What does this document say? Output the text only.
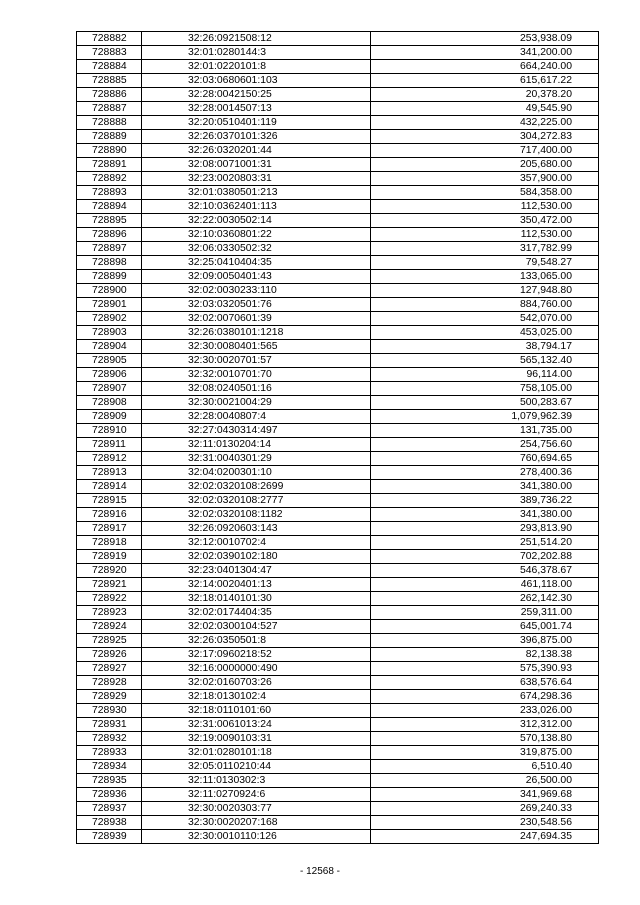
728882	32:26:0921508:12	253,938.09
728883	32:01:0280144:3	341,200.00
728884	32:01:0220101:8	664,240.00
728885	32:03:0680601:103	615,617.22
728886	32:28:0042150:25	20,378.20
728887	32:28:0014507:13	49,545.90
728888	32:20:0510401:119	432,225.00
728889	32:26:0370101:326	304,272.83
728890	32:26:0320201:44	717,400.00
728891	32:08:0071001:31	205,680.00
728892	32:23:0020803:31	357,900.00
728893	32:01:0380501:213	584,358.00
728894	32:10:0362401:113	112,530.00
728895	32:22:0030502:14	350,472.00
728896	32:10:0360801:22	112,530.00
728897	32:06:0330502:32	317,782.99
728898	32:25:0410404:35	79,548.27
728899	32:09:0050401:43	133,065.00
728900	32:02:0030233:110	127,948.80
728901	32:03:0320501:76	884,760.00
728902	32:02:0070601:39	542,070.00
728903	32:26:0380101:1218	453,025.00
728904	32:30:0080401:565	38,794.17
728905	32:30:0020701:57	565,132.40
728906	32:32:0010701:70	96,114.00
728907	32:08:0240501:16	758,105.00
728908	32:30:0021004:29	500,283.67
728909	32:28:0040807:4	1,079,962.39
728910	32:27:0430314:497	131,735.00
728911	32:11:0130204:14	254,756.60
728912	32:31:0040301:29	760,694.65
728913	32:04:0200301:10	278,400.36
728914	32:02:0320108:2699	341,380.00
728915	32:02:0320108:2777	389,736.22
728916	32:02:0320108:1182	341,380.00
728917	32:26:0920603:143	293,813.90
728918	32:12:0010702:4	251,514.20
728919	32:02:0390102:180	702,202.88
728920	32:23:0401304:47	546,378.67
728921	32:14:0020401:13	461,118.00
728922	32:18:0140101:30	262,142.30
728923	32:02:0174404:35	259,311.00
728924	32:02:0300104:527	645,001.74
728925	32:26:0350501:8	396,875.00
728926	32:17:0960218:52	82,138.38
728927	32:16:0000000:490	575,390.93
728928	32:02:0160703:26	638,576.64
728929	32:18:0130102:4	674,298.36
728930	32:18:0110101:60	233,026.00
728931	32:31:0061013:24	312,312.00
728932	32:19:0090103:31	570,138.80
728933	32:01:0280101:18	319,875.00
728934	32:05:0110210:44	6,510.40
728935	32:11:0130302:3	26,500.00
728936	32:11:0270924:6	341,969.68
728937	32:30:0020303:77	269,240.33
728938	32:30:0020207:168	230,548.56
728939	32:30:0010110:126	247,694.35
- 12568 -
